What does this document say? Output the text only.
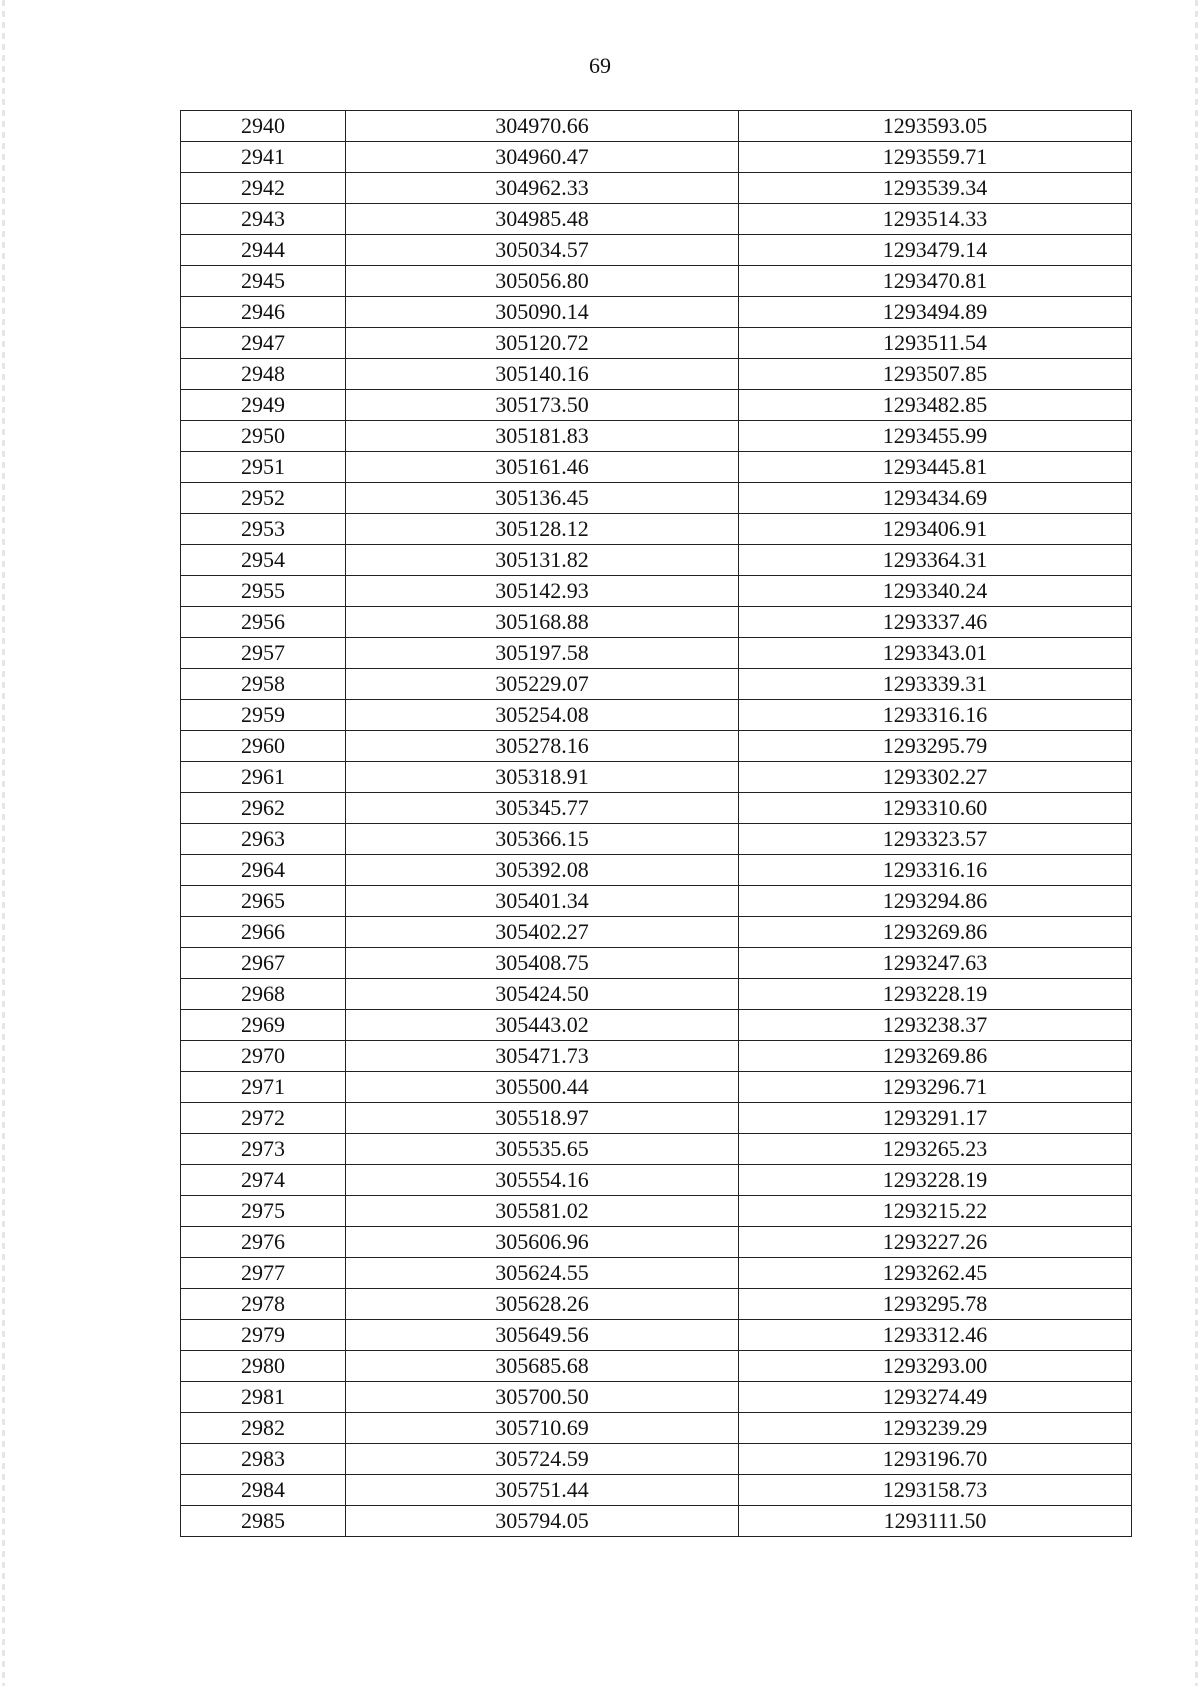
69
2940	304970.66	1293593.05
2941	304960.47	1293559.71
2942	304962.33	1293539.34
2943	304985.48	1293514.33
2944	305034.57	1293479.14
2945	305056.80	1293470.81
2946	305090.14	1293494.89
2947	305120.72	1293511.54
2948	305140.16	1293507.85
2949	305173.50	1293482.85
2950	305181.83	1293455.99
2951	305161.46	1293445.81
2952	305136.45	1293434.69
2953	305128.12	1293406.91
2954	305131.82	1293364.31
2955	305142.93	1293340.24
2956	305168.88	1293337.46
2957	305197.58	1293343.01
2958	305229.07	1293339.31
2959	305254.08	1293316.16
2960	305278.16	1293295.79
2961	305318.91	1293302.27
2962	305345.77	1293310.60
2963	305366.15	1293323.57
2964	305392.08	1293316.16
2965	305401.34	1293294.86
2966	305402.27	1293269.86
2967	305408.75	1293247.63
2968	305424.50	1293228.19
2969	305443.02	1293238.37
2970	305471.73	1293269.86
2971	305500.44	1293296.71
2972	305518.97	1293291.17
2973	305535.65	1293265.23
2974	305554.16	1293228.19
2975	305581.02	1293215.22
2976	305606.96	1293227.26
2977	305624.55	1293262.45
2978	305628.26	1293295.78
2979	305649.56	1293312.46
2980	305685.68	1293293.00
2981	305700.50	1293274.49
2982	305710.69	1293239.29
2983	305724.59	1293196.70
2984	305751.44	1293158.73
2985	305794.05	1293111.50
